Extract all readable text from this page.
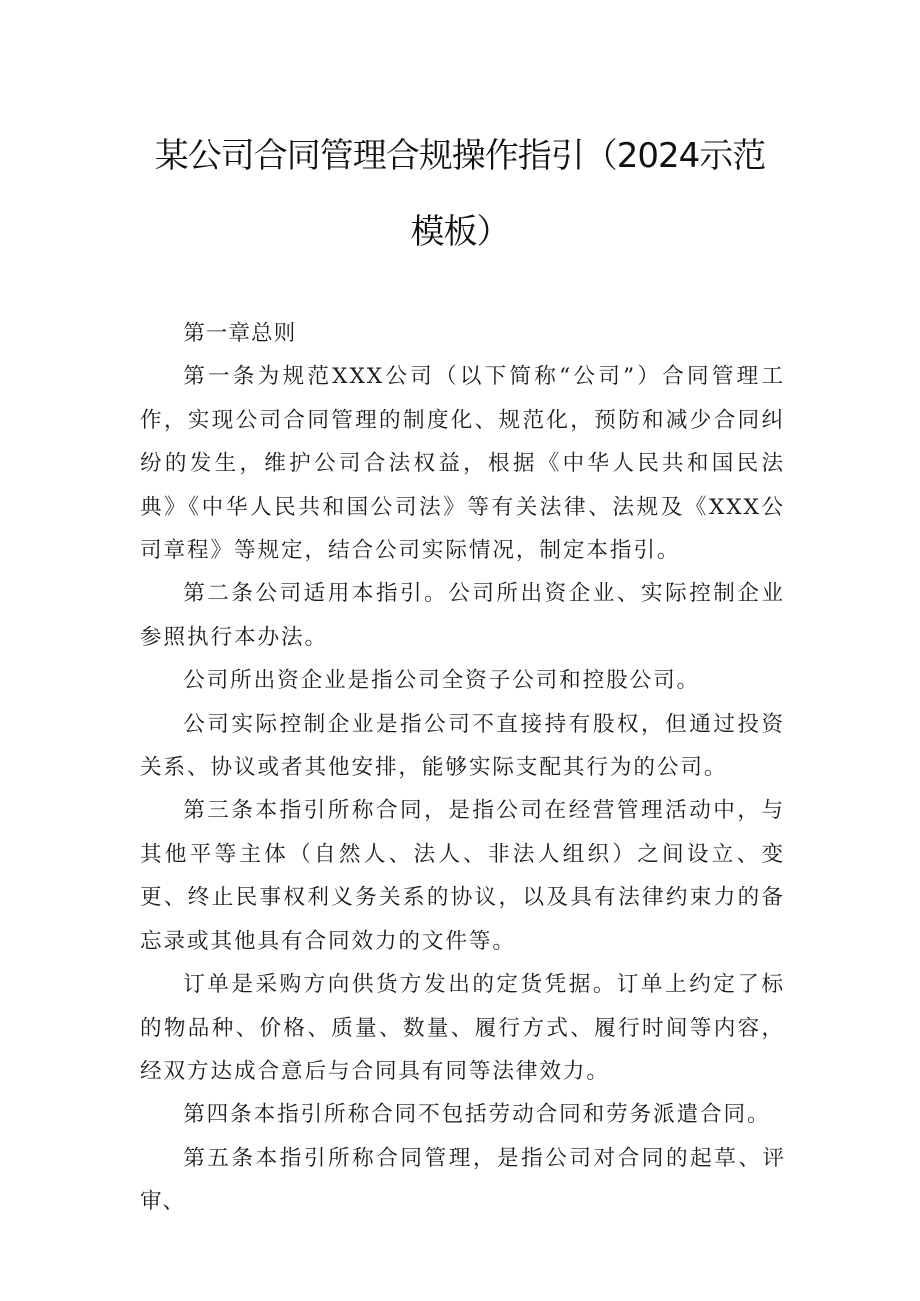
某公司合同管理合规操作指引（2024示范
模板）

第一章总则

第一条为规范XXX公司（以下简称“公司”）合同管理工作，实现公司合同管理的制度化、规范化，预防和减少合同纠纷的发生，维护公司合法权益，根据《中华人民共和国民法典》《中华人民共和国公司法》等有关法律、法规及《XXX公司章程》等规定，结合公司实际情况，制定本指引。

第二条公司适用本指引。公司所出资企业、实际控制企业参照执行本办法。

公司所出资企业是指公司全资子公司和控股公司。

公司实际控制企业是指公司不直接持有股权，但通过投资关系、协议或者其他安排，能够实际支配其行为的公司。

第三条本指引所称合同，是指公司在经营管理活动中，与其他平等主体（自然人、法人、非法人组织）之间设立、变更、终止民事权利义务关系的协议，以及具有法律约束力的备忘录或其他具有合同效力的文件等。

订单是采购方向供货方发出的定货凭据。订单上约定了标的物品种、价格、质量、数量、履行方式、履行时间等内容，经双方达成合意后与合同具有同等法律效力。

第四条本指引所称合同不包括劳动合同和劳务派遣合同。

第五条本指引所称合同管理，是指公司对合同的起草、评审、
